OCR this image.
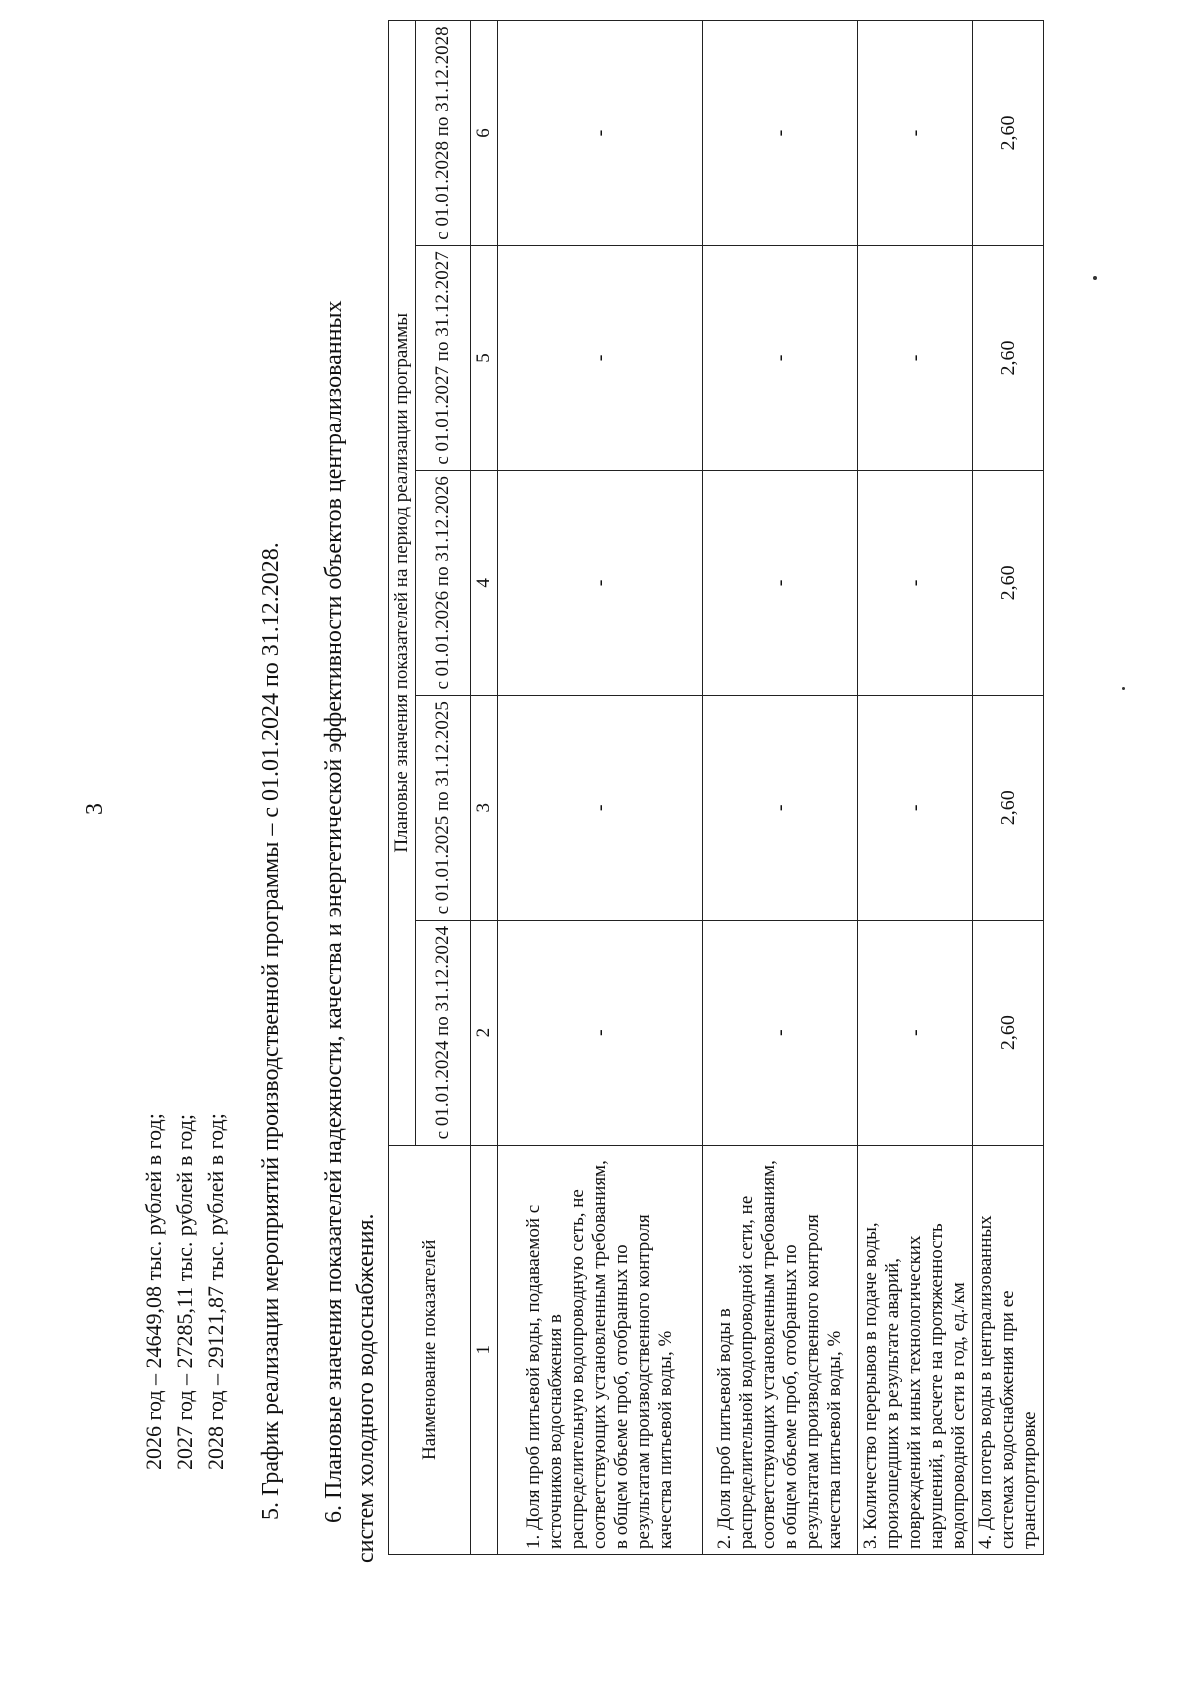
3
2026 год – 24649,08 тыс. рублей в год; 2027 год – 27285,11 тыс. рублей в год; 2028 год – 29121,87 тыс. рублей в год; 5. График реализации мероприятий производственной программы – с 01.01.2024 по 31.12.2028. 6. Плановые значения показателей надежности, качества и энергетической эффективности объектов централизованных систем холодного водоснабжения. Наименование показателей	Плановые значения показателей на период реализации программы				
	с 01.01.2024 по 31.12.2024	с 01.01.2025 по 31.12.2025	с 01.01.2026 по 31.12.2026	с 01.01.2027 по 31.12.2027	с 01.01.2028 по 31.12.2028
1	2	3	4	5	6
1. Доля проб питьевой воды, подаваемой с источников водоснабжения в распределительную водопроводную сеть, не соответствующих установленным требованиям, в общем объеме проб, отобранных по результатам производственного контроля качества питьевой воды, %	-	-	-	-	-
2. Доля проб питьевой воды в распределительной водопроводной сети, не соответствующих установленным требованиям, в общем объеме проб, отобранных по результатам производственного контроля качества питьевой воды, %	-	-	-	-	-
3. Количество перерывов в подаче воды, произошедших в результате аварий, повреждений и иных технологических нарушений, в расчете на протяженность водопроводной сети в год, ед./км	-	-	-	-	-
4. Доля потерь воды в централизованных системах водоснабжения при ее транспортировке	2,60	2,60	2,60	2,60	2,60
